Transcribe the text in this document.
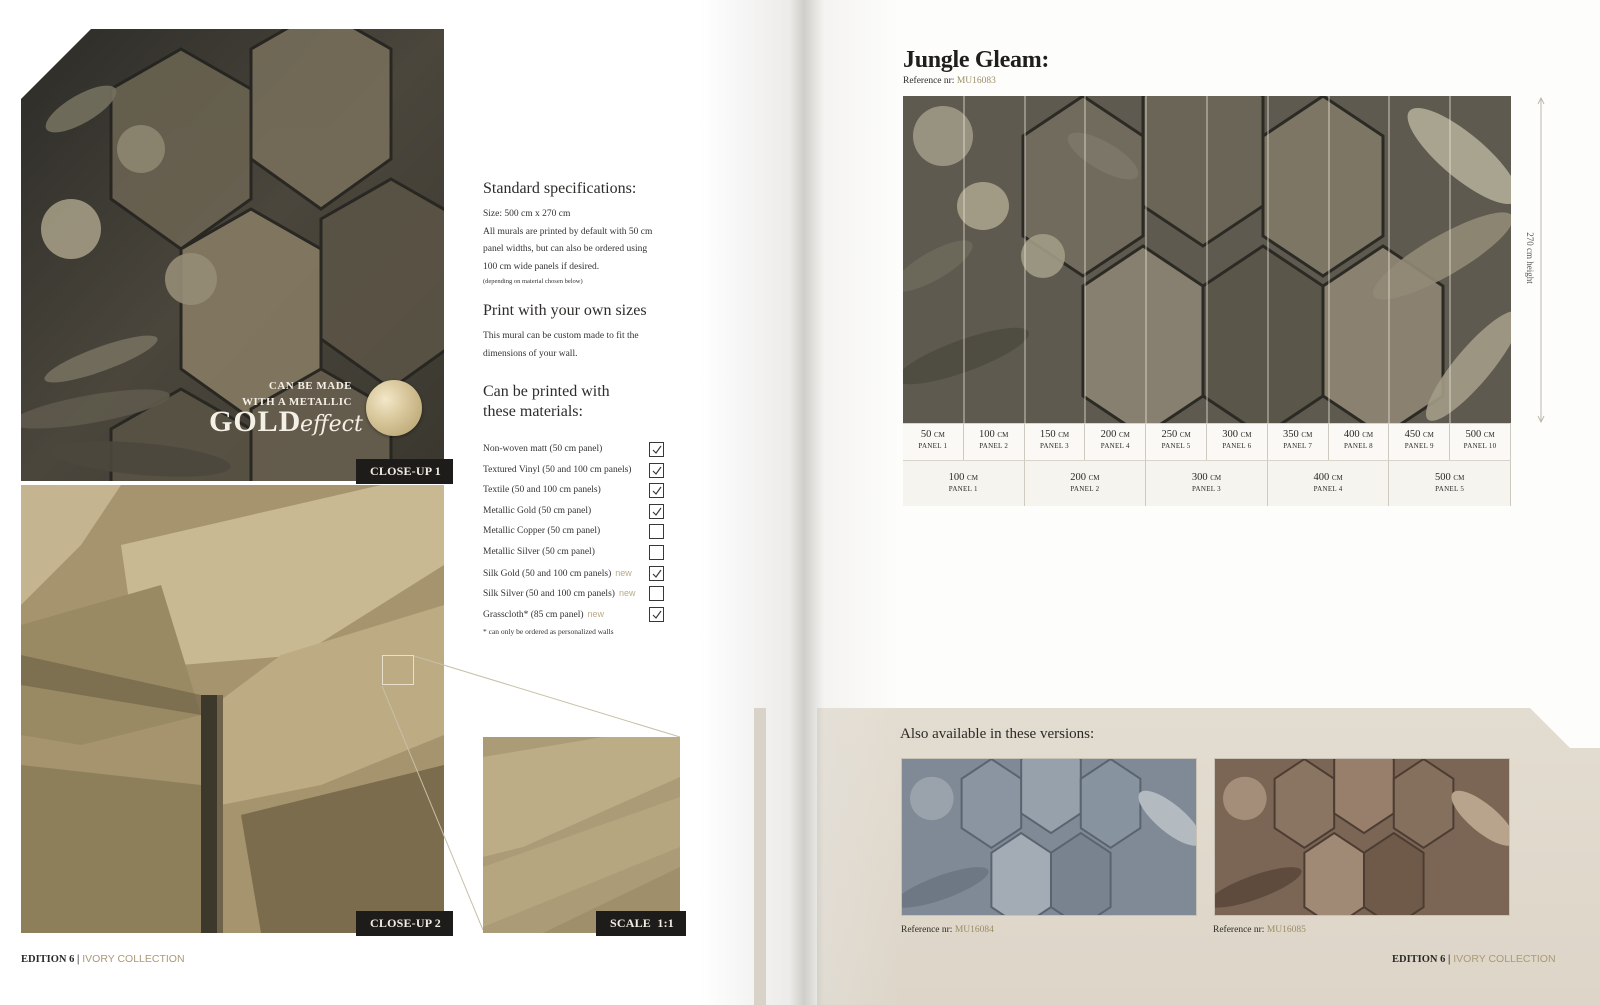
CLOSE-UP 1
CAN BE MADE
WITH A METALLIC
GOLD
effect
CLOSE-UP 2	SCALE  1:1
Standard specifications:
Size: 500 cm x 270 cm
All murals are printed by default with 50 cm
panel widths, but can also be ordered using
100 cm wide panels if desired.
(depending on material chosen below)
Print with your own sizes
This mural can be custom made to fit the
dimensions of your wall.
Can be printed with
these materials:
Non-woven matt (50 cm panel)
Textured Vinyl (50 and 100 cm panels)
Textile (50 and 100 cm panels)
Metallic Gold (50 cm panel)
Metallic Copper (50 cm panel)
Metallic Silver (50 cm panel)
Silk Gold (50 and 100 cm panels) new
Silk Silver (50 and 100 cm panels) new
Grasscloth* (85 cm panel) new
* can only be ordered as personalized walls
EDITION 6 | IVORY COLLECTION
Jungle Gleam:
Reference nr: MU16083
50 CM
PANEL 1
100 CM
PANEL 2
150 CM
PANEL 3
200 CM
PANEL 4
250 CM
PANEL 5
300 CM
PANEL 6
350 CM
PANEL 7
400 CM
PANEL 8
450 CM
PANEL 9
500 CM
PANEL 10
100 CM
PANEL 1
200 CM
PANEL 2
300 CM
PANEL 3
400 CM
PANEL 4
500 CM
PANEL 5
270 cm height
Also available in these versions:
Reference nr: MU16084	Reference nr: MU16085
EDITION 6 | IVORY COLLECTION
